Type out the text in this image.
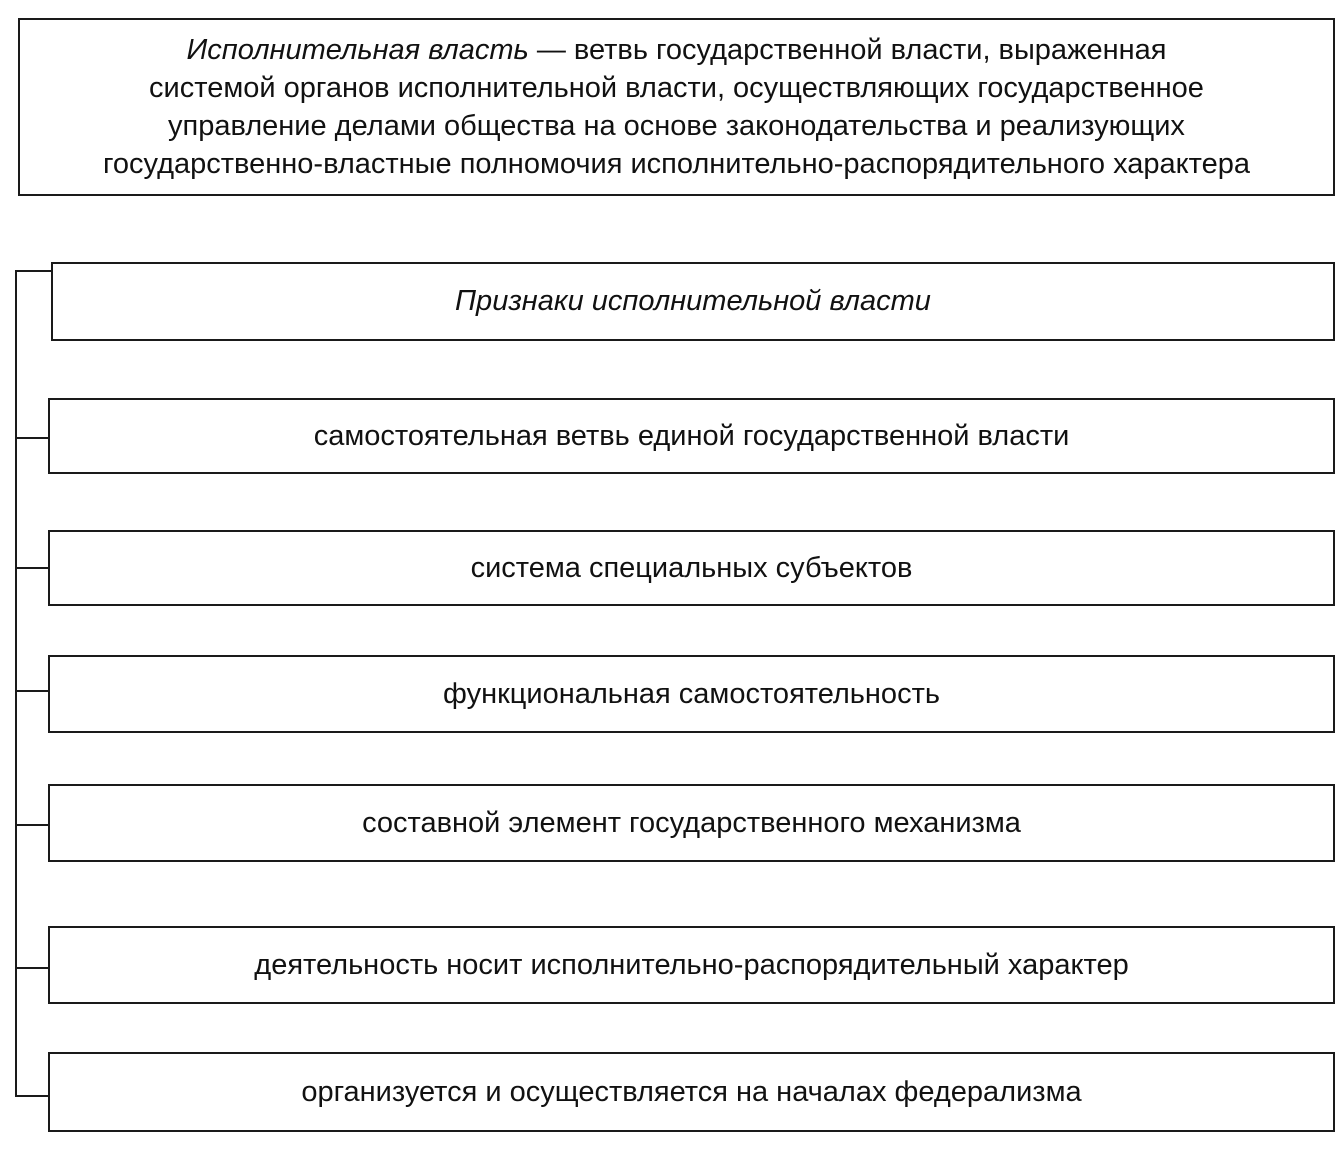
Исполнительная власть — ветвь государственной власти, выраженная
системой органов исполнительной власти, осуществляющих государственное
управление делами общества на основе законодательства и реализующих
государственно-властные полномочия исполнительно-распорядительного характера
Признаки исполнительной власти
самостоятельная ветвь единой государственной власти
система специальных субъектов
функциональная самостоятельность
составной элемент государственного механизма
деятельность носит исполнительно-распорядительный характер
организуется и осуществляется на началах федерализма
